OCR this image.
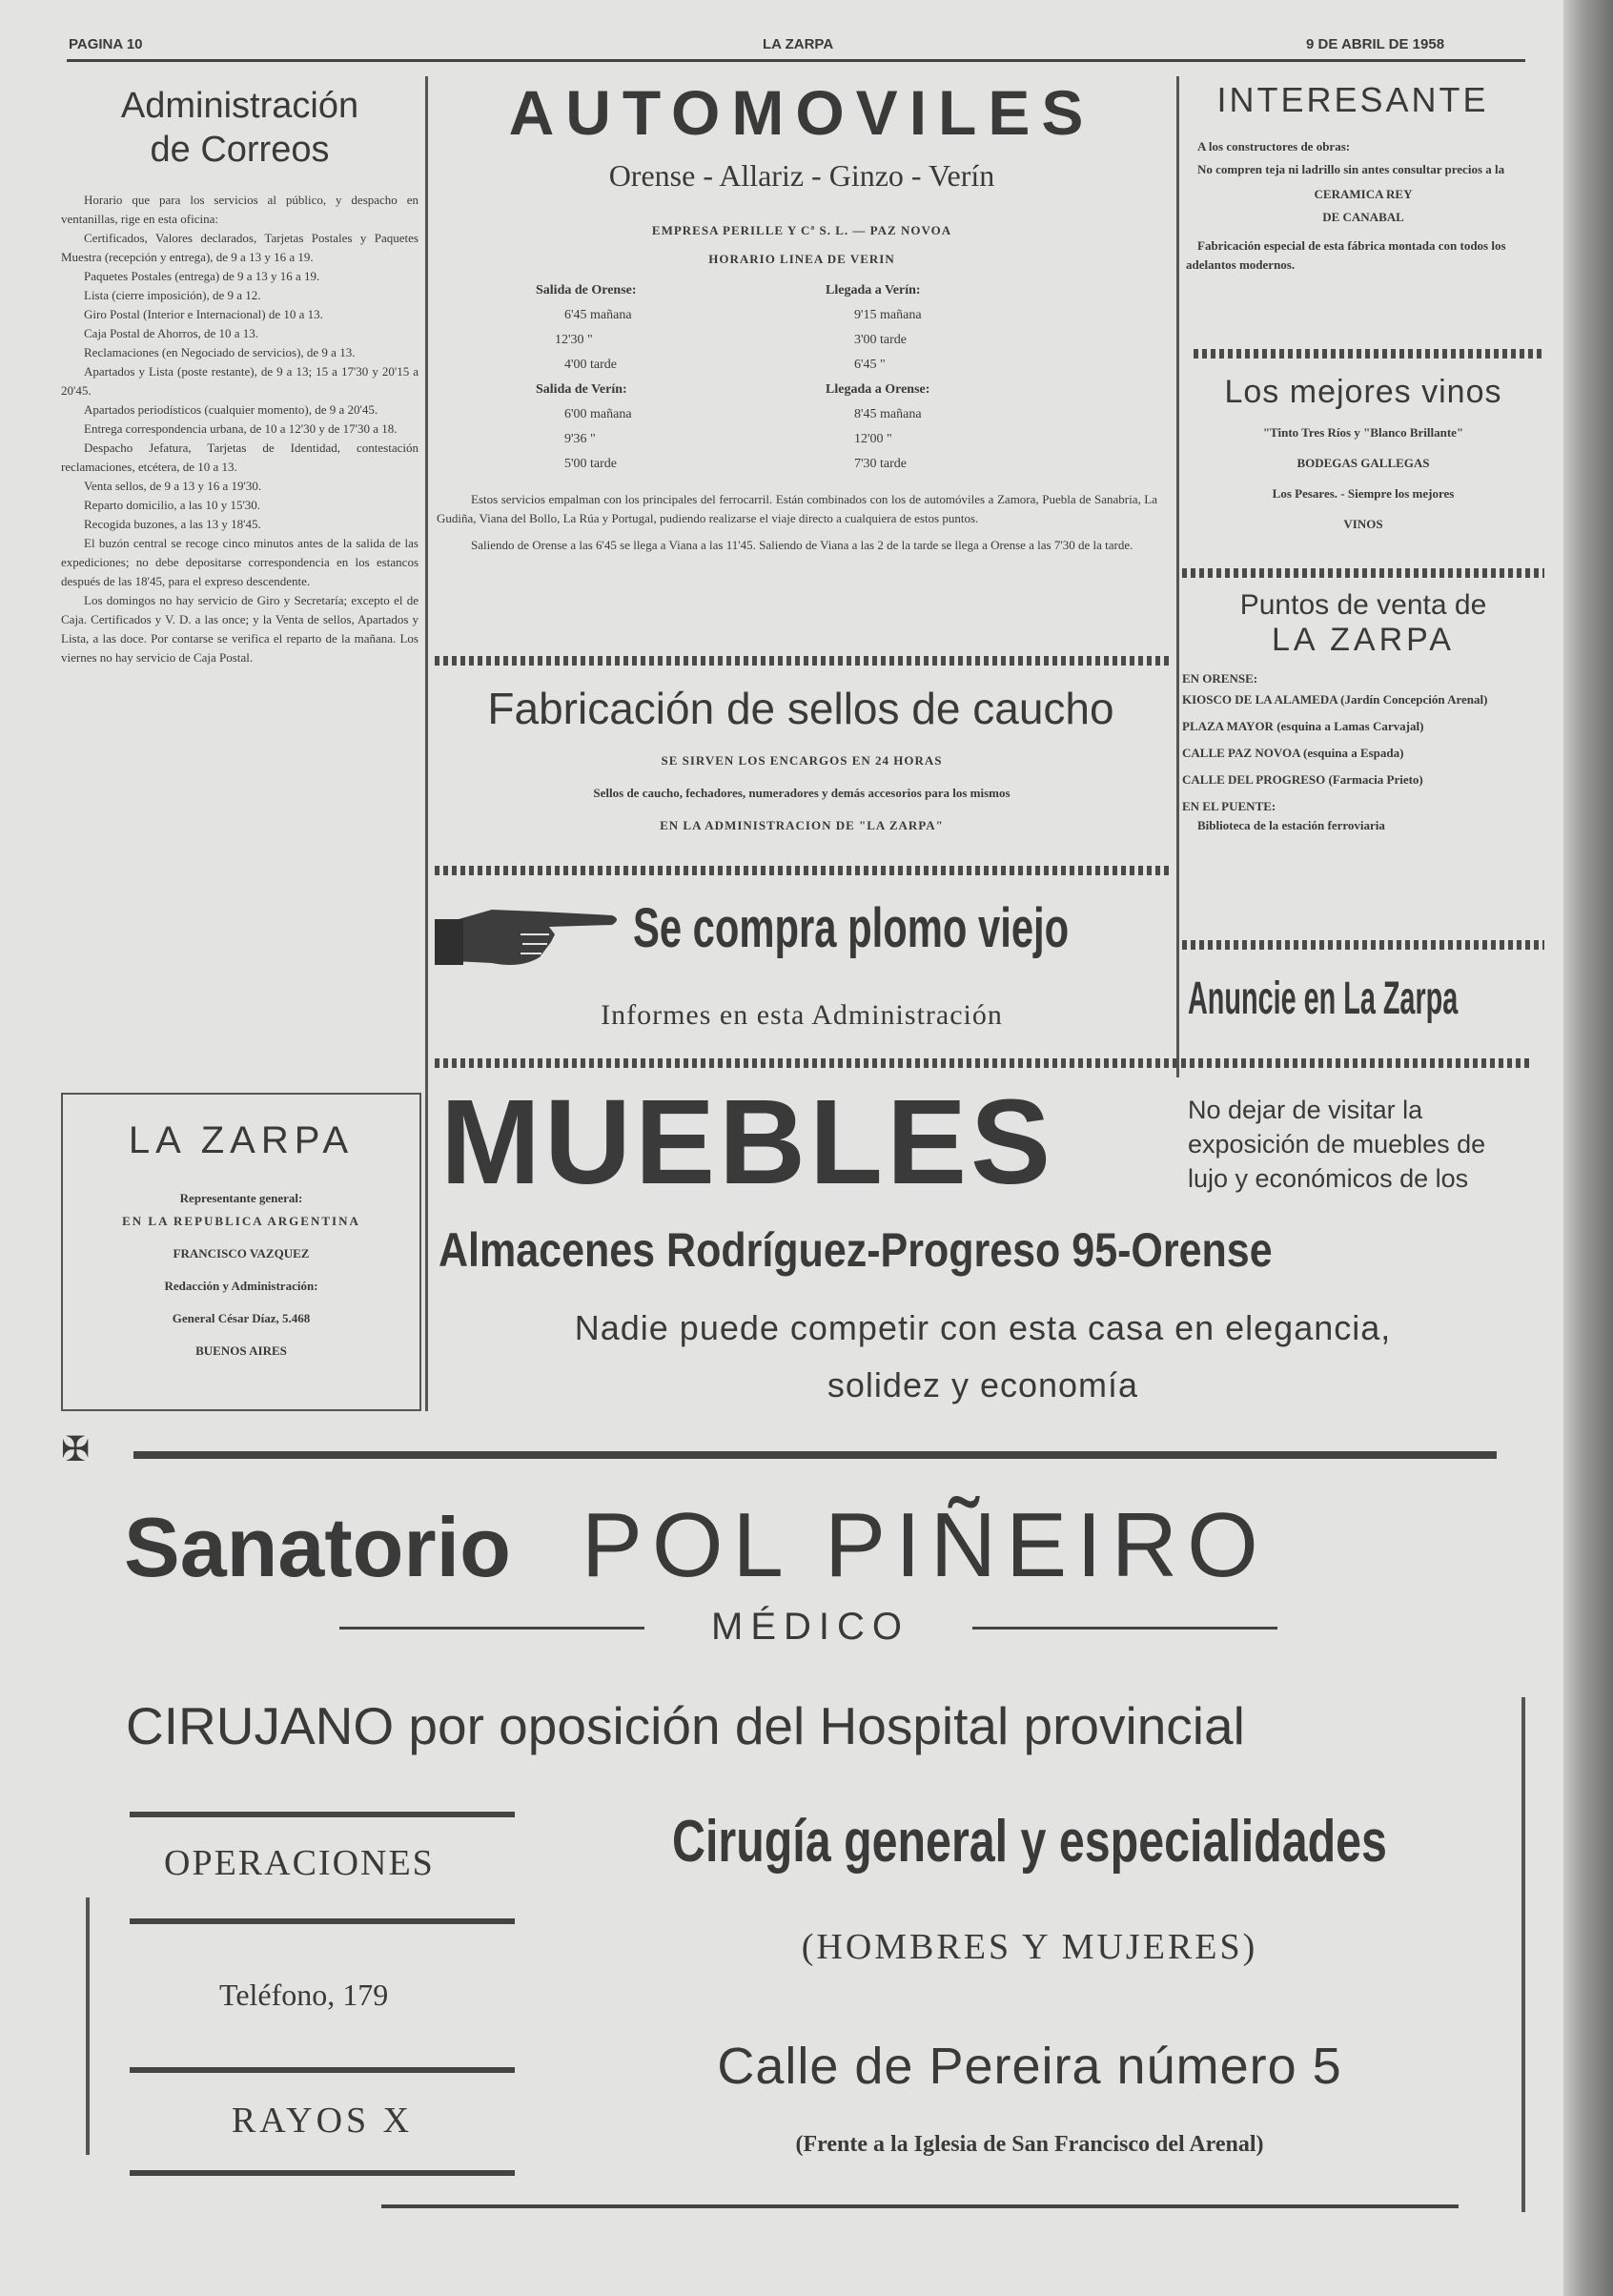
PAGINA 10	LA ZARPA	9 DE ABRIL DE 1958
Administración
de Correos
Horario que para los servicios al público, y despacho en ventanillas, rige en esta oficina:
Certificados, Valores declarados, Tarjetas Postales y Paquetes Muestra (recepción y entrega), de 9 a 13 y 16 a 19.
Paquetes Postales (entrega) de 9 a 13 y 16 a 19.
Lista (cierre imposición), de 9 a 12.
Giro Postal (Interior e Internacional) de 10 a 13.
Caja Postal de Ahorros, de 10 a 13.
Reclamaciones (en Negociado de servicios), de 9 a 13.
Apartados y Lista (poste restante), de 9 a 13; 15 a 17'30 y 20'15 a 20'45.
Apartados periodísticos (cualquier momento), de 9 a 20'45.
Entrega correspondencia urbana, de 10 a 12'30 y de 17'30 a 18.
Despacho Jefatura, Tarjetas de Identidad, contestación reclamaciones, etcétera, de 10 a 13.
Venta sellos, de 9 a 13 y 16 a 19'30.
Reparto domicilio, a las 10 y 15'30.
Recogida buzones, a las 13 y 18'45.
El buzón central se recoge cinco minutos antes de la salida de las expediciones; no debe depositarse correspondencia en los estancos después de las 18'45, para el expreso descendente.
Los domingos no hay servicio de Giro y Secretaría; excepto el de Caja. Certificados y V. D. a las once; y la Venta de sellos, Apartados y Lista, a las doce. Por contarse se verifica el reparto de la mañana. Los viernes no hay servicio de Caja Postal.
LA ZARPA
Representante general:
EN LA REPUBLICA ARGENTINA
FRANCISCO VAZQUEZ
Redacción y Administración:
General César Díaz, 5.468
BUENOS AIRES
AUTOMOVILES
Orense - Allariz - Ginzo - Verín
EMPRESA PERILLE Y Cª S. L. — PAZ NOVOA
HORARIO LINEA DE VERIN
Salida de Orense:
6'45 mañana
12'30 "
4'00 tarde
Salida de Verín:
6'00 mañana
9'36 "
5'00 tarde
Llegada a Verín:
9'15 mañana
3'00 tarde
6'45 "
Llegada a Orense:
8'45 mañana
12'00 "
7'30 tarde
Estos servicios empalman con los principales del ferrocarril. Están combinados con los de automóviles a Zamora, Puebla de Sanabria, La Gudiña, Viana del Bollo, La Rúa y Portugal, pudiendo realizarse el viaje directo a cualquiera de estos puntos.
Saliendo de Orense a las 6'45 se llega a Viana a las 11'45. Saliendo de Viana a las 2 de la tarde se llega a Orense a las 7'30 de la tarde.
Fabricación de sellos de caucho
SE SIRVEN LOS ENCARGOS EN 24 HORAS
Sellos de caucho, fechadores, numeradores y demás accesorios para los mismos
EN LA ADMINISTRACION DE "LA ZARPA"
Se compra plomo viejo
Informes en esta Administración
MUEBLES
Almacenes Rodríguez-Progreso 95-Orense
Nadie puede competir con esta casa en elegancia,
solidez y economía
INTERESANTE
A los constructores de obras:
No compren teja ni ladrillo sin antes consultar precios a la
CERAMICA REY
DE CANABAL
Fabricación especial de esta fábrica montada con todos los adelantos modernos.
Los mejores vinos
"Tinto Tres Ríos y "Blanco Brillante"
BODEGAS GALLEGAS
Los Pesares. - Siempre los mejores
VINOS
Puntos de venta de
LA ZARPA
EN ORENSE:
KIOSCO DE LA ALAMEDA (Jardín Concepción Arenal)
PLAZA MAYOR (esquina a Lamas Carvajal)
CALLE PAZ NOVOA (esquina a Espada)
CALLE DEL PROGRESO (Farmacia Prieto)
EN EL PUENTE:
Biblioteca de la estación ferroviaria
Anuncie en La Zarpa
No dejar de visitar la exposición de muebles de lujo y económicos de los
✠
Sanatorio POL PIÑEIRO
MÉDICO
CIRUJANO por oposición del Hospital provincial
OPERACIONES
Teléfono, 179
RAYOS X
Cirugía general y especialidades
(HOMBRES Y MUJERES)
Calle de Pereira número 5
(Frente a la Iglesia de San Francisco del Arenal)
